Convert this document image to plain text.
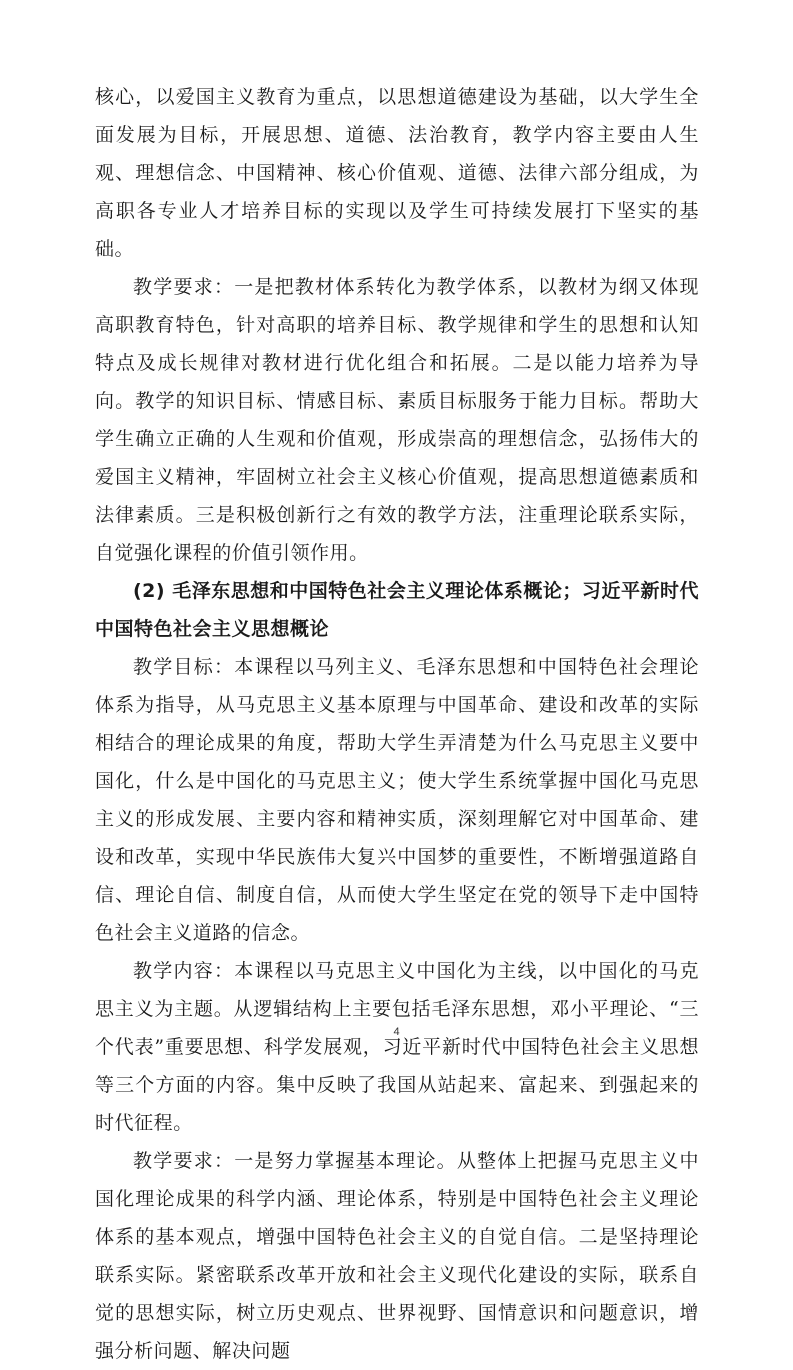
核心，以爱国主义教育为重点，以思想道德建设为基础，以大学生全面发展为目标，开展思想、道德、法治教育，教学内容主要由人生观、理想信念、中国精神、核心价值观、道德、法律六部分组成，为高职各专业人才培养目标的实现以及学生可持续发展打下坚实的基础。

教学要求：一是把教材体系转化为教学体系，以教材为纲又体现高职教育特色，针对高职的培养目标、教学规律和学生的思想和认知特点及成长规律对教材进行优化组合和拓展。二是以能力培养为导向。教学的知识目标、情感目标、素质目标服务于能力目标。帮助大学生确立正确的人生观和价值观，形成崇高的理想信念，弘扬伟大的爱国主义精神，牢固树立社会主义核心价值观，提高思想道德素质和法律素质。三是积极创新行之有效的教学方法，注重理论联系实际，自觉强化课程的价值引领作用。

(2) 毛泽东思想和中国特色社会主义理论体系概论；习近平新时代中国特色社会主义思想概论

教学目标：本课程以马列主义、毛泽东思想和中国特色社会理论体系为指导，从马克思主义基本原理与中国革命、建设和改革的实际相结合的理论成果的角度，帮助大学生弄清楚为什么马克思主义要中国化，什么是中国化的马克思主义；使大学生系统掌握中国化马克思主义的形成发展、主要内容和精神实质，深刻理解它对中国革命、建设和改革，实现中华民族伟大复兴中国梦的重要性，不断增强道路自信、理论自信、制度自信，从而使大学生坚定在党的领导下走中国特色社会主义道路的信念。

教学内容：本课程以马克思主义中国化为主线，以中国化的马克思主义为主题。从逻辑结构上主要包括毛泽东思想，邓小平理论、“三个代表”重要思想、科学发展观，习近平新时代中国特色社会主义思想等三个方面的内容。集中反映了我国从站起来、富起来、到强起来的时代征程。

教学要求：一是努力掌握基本理论。从整体上把握马克思主义中国化理论成果的科学内涵、理论体系，特别是中国特色社会主义理论体系的基本观点，增强中国特色社会主义的自觉自信。二是坚持理论联系实际。紧密联系改革开放和社会主义现代化建设的实际，联系自觉的思想实际，树立历史观点、世界视野、国情意识和问题意识，增强分析问题、解决问题

4
